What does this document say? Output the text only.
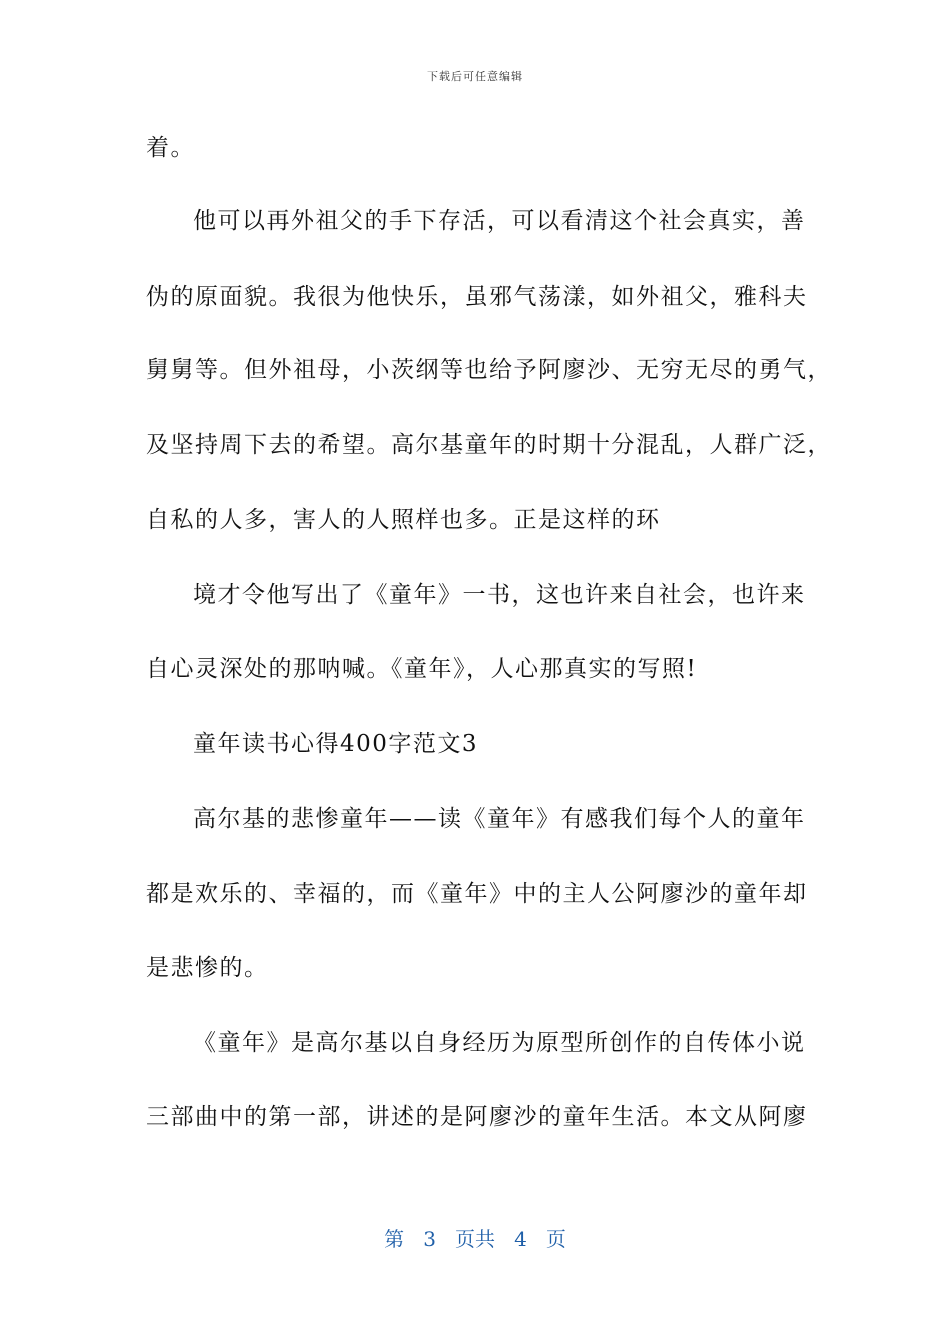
下载后可任意编辑
着。
他可以再外祖父的手下存活，可以看清这个社会真实，善
伪的原面貌。我很为他快乐，虽邪气荡漾，如外祖父，雅科夫
舅舅等。但外祖母，小茨纲等也给予阿廖沙、无穷无尽的勇气，
及坚持周下去的希望。高尔基童年的时期十分混乱，人群广泛，
自私的人多，害人的人照样也多。正是这样的环
境才令他写出了《童年》一书，这也许来自社会，也许来
自心灵深处的那呐喊。《童年》，人心那真实的写照!
童年读书心得400字范文3
高尔基的悲惨童年——读《童年》有感我们每个人的童年
都是欢乐的、幸福的，而《童年》中的主人公阿廖沙的童年却
是悲惨的。
《童年》是高尔基以自身经历为原型所创作的自传体小说
三部曲中的第一部，讲述的是阿廖沙的童年生活。本文从阿廖
第 3 页共 4 页
